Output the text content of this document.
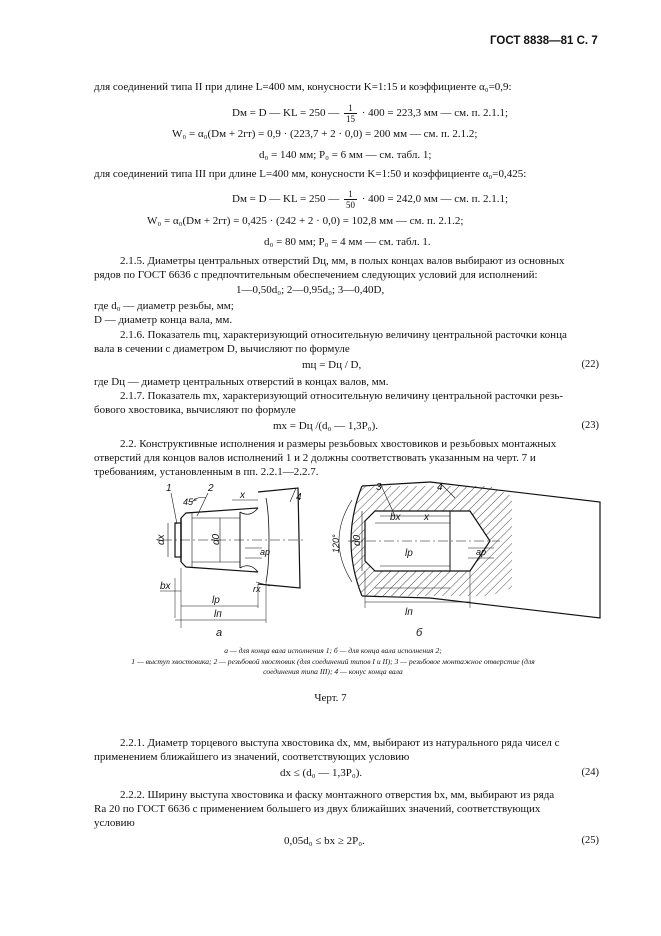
ГОСТ 8838—81 С. 7
для соединений типа II при длине L=400 мм, конусности K=1:15 и коэффициенте α₀=0,9:
Dм = D — KL = 250 — $\frac{1}{15} \cdot 400 = 223,3$ мм — см. п. 2.1.1;
W₀ = α₀(Dм + 2rт) = 0,9 · (223,7 + 2 · 0,0) = 200 мм — см. п. 2.1.2;
d₀ = 140 мм; P₀ = 6 мм — см. табл. 1;
для соединений типа III при длине L=400 мм, конусности K=1:50 и коэффициенте α₀=0,425:
Dм = D — KL = 250 — $\frac{1}{50} \cdot 400 = 242,0$ мм — см. п. 2.1.1;
W₀ = α₀(Dм + 2rт) = 0,425 · (242 + 2 · 0,0) = 102,8 мм — см. п. 2.1.2;
d₀ = 80 мм; P₀ = 4 мм — см. табл. 1.
2.1.5. Диаметры центральных отверстий Dц, мм, в полых концах валов выбирают из основных
рядов по ГОСТ 6636 с предпочтительным обеспечением следующих условий для исполнений:
1—0,50d₀; 2—0,95d₀; 3—0,40D,
где d₀ — диаметр резьбы, мм;
D — диаметр конца вала, мм.
2.1.6. Показатель mц, характеризующий относительную величину центральной расточки конца
вала в сечении с диаметром D, вычисляют по формуле
mц = Dц / D,	(22)
где Dц — диаметр центральных отверстий в концах валов, мм.
2.1.7. Показатель mх, характеризующий относительную величину центральной расточки резь-
бового хвостовика, вычисляют по формуле
mх = Dц /(d₀ — 1,3P₀).	(23)
2.2. Конструктивные исполнения и размеры резьбовых хвостовиков и резьбовых монтажных
отверстий для концов валов исполнений 1 и 2 должны соответствовать указанным на черт. 7 и
требованиям, установленным в пп. 2.2.1—2.2.7.
1	2
4
45°
x
dx	d0
ap
lp
lп
bx	rx
а
3	4
120° d0
bx x
lp	ap
lп
б
а — для конца вала исполнения 1; б — для конца вала исполнения 2;
1 — выступ хвостовика; 2 — резьбовой хвостовик (для соединений типов I и II); 3 — резьбовое монтажное отверстие (для
соединения типа III); 4 — конус конца вала
Черт. 7
2.2.1. Диаметр торцевого выступа хвостовика dх, мм, выбирают из натурального ряда чисел с
применением ближайшего из значений, соответствующих условию
dх ≤ (d₀ — 1,3P₀).	(24)
2.2.2. Ширину выступа хвостовика и фаску монтажного отверстия bх, мм, выбирают из ряда
Ra 20 по ГОСТ 6636 с применением большего из двух ближайших значений, соответствующих
условию
0,05d₀ ≤ bх ≥ 2P₀.	(25)
